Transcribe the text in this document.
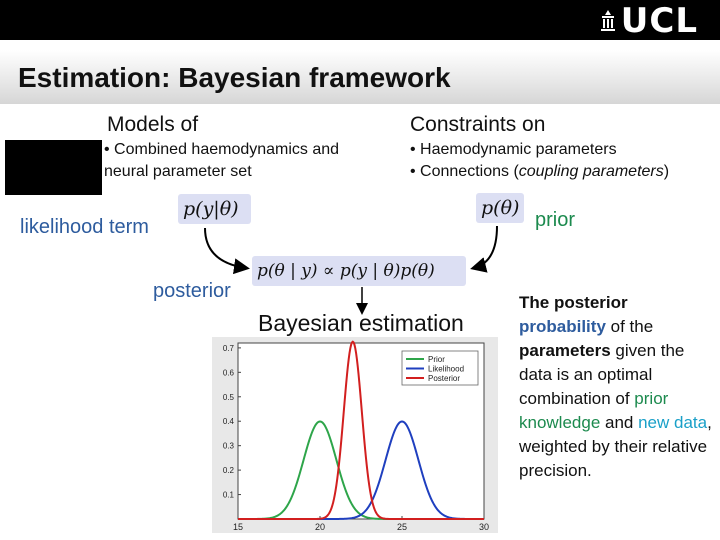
UCL
Estimation: Bayesian framework
Models of
• Combined haemodynamics and
neural parameter set
Constraints on
• Haemodynamic parameters
• Connections (coupling parameters)
p(y|θ)	p(θ)
p(θ | y) ∝ p(y | θ)p(θ)
likelihood term	prior
posterior
Bayesian estimation
0.1
0.2
0.3
0.4
0.5
0.6
0.7
15	20	25	30
Prior
Likelihood
Posterior
The posterior probability of the parameters given the data is an optimal combination of prior knowledge and new data, weighted by their relative precision.
